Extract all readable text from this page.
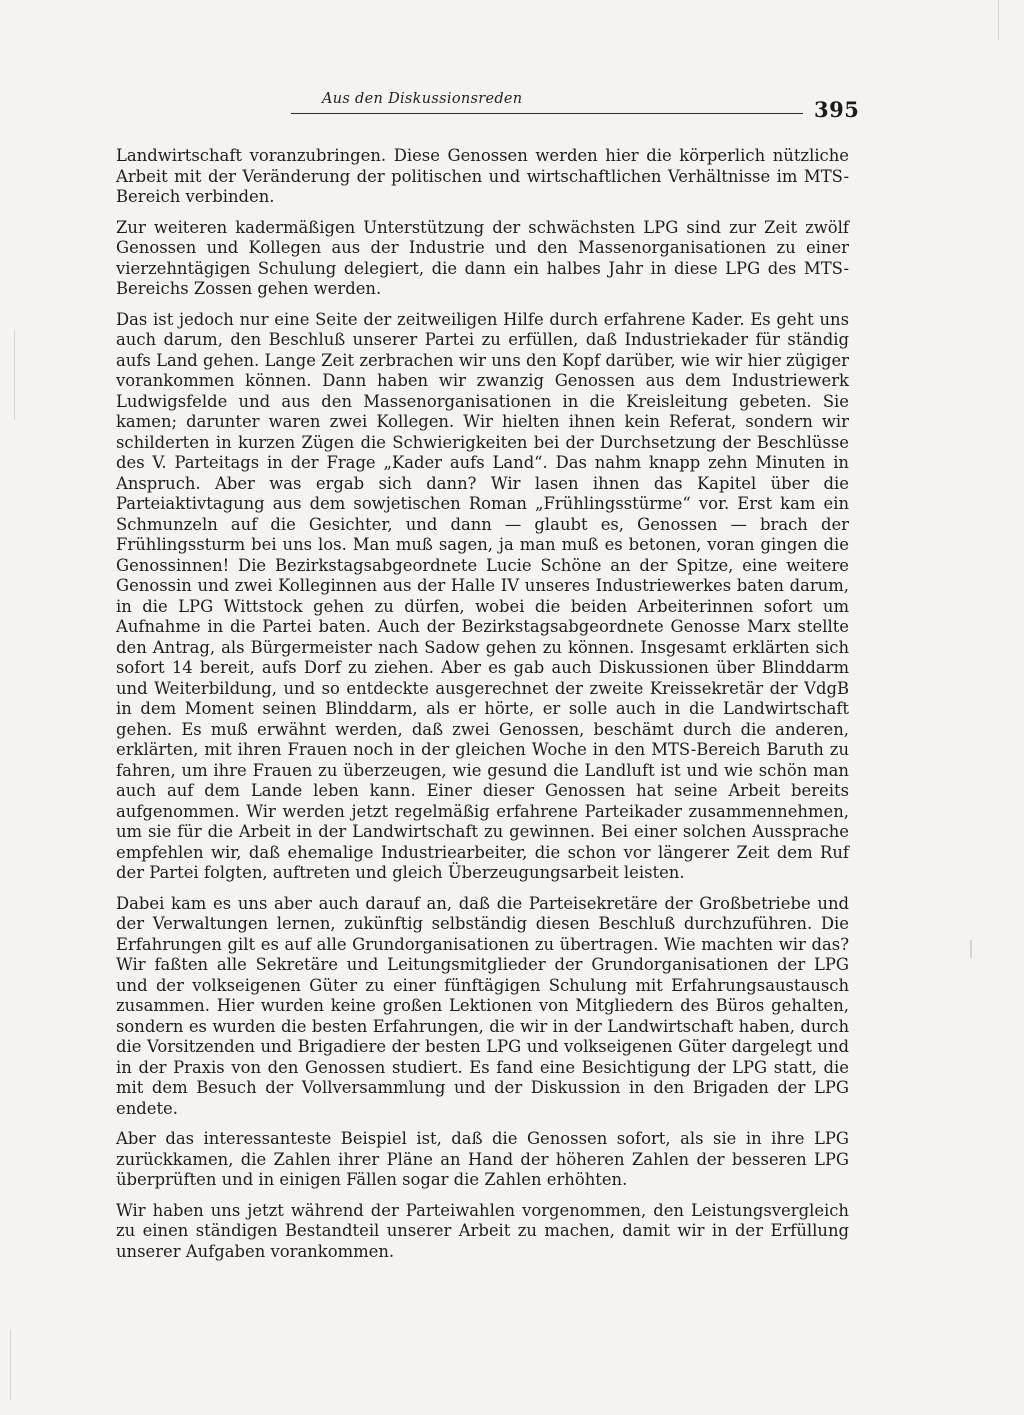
Aus den Diskussionsreden	395

Landwirtschaft voranzubringen. Diese Genossen werden hier die körperlich nützliche Arbeit mit der Veränderung der politischen und wirtschaftlichen Verhältnisse im MTS-Bereich verbinden.

Zur weiteren kadermäßigen Unterstützung der schwächsten LPG sind zur Zeit zwölf Genossen und Kollegen aus der Industrie und den Massenorganisationen zu einer vierzehntägigen Schulung delegiert, die dann ein halbes Jahr in diese LPG des MTS-Bereichs Zossen gehen werden.

Das ist jedoch nur eine Seite der zeitweiligen Hilfe durch erfahrene Kader. Es geht uns auch darum, den Beschluß unserer Partei zu erfüllen, daß Industriekader für ständig aufs Land gehen. Lange Zeit zerbrachen wir uns den Kopf darüber, wie wir hier zügiger vorankommen können. Dann haben wir zwanzig Genossen aus dem Industriewerk Ludwigsfelde und aus den Massenorganisationen in die Kreisleitung gebeten. Sie kamen; darunter waren zwei Kollegen. Wir hielten ihnen kein Referat, sondern wir schilderten in kurzen Zügen die Schwierigkeiten bei der Durchsetzung der Beschlüsse des V. Parteitags in der Frage „Kader aufs Land“. Das nahm knapp zehn Minuten in Anspruch. Aber was ergab sich dann? Wir lasen ihnen das Kapitel über die Parteiaktivtagung aus dem sowjetischen Roman „Frühlingsstürme“ vor. Erst kam ein Schmunzeln auf die Gesichter, und dann — glaubt es, Genossen — brach der Frühlingssturm bei uns los. Man muß sagen, ja man muß es betonen, voran gingen die Genossinnen! Die Bezirkstagsabgeordnete Lucie Schöne an der Spitze, eine weitere Genossin und zwei Kolleginnen aus der Halle IV unseres Industriewerkes baten darum, in die LPG Wittstock gehen zu dürfen, wobei die beiden Arbeiterinnen sofort um Aufnahme in die Partei baten. Auch der Bezirkstagsabgeordnete Genosse Marx stellte den Antrag, als Bürgermeister nach Sadow gehen zu können. Insgesamt erklärten sich sofort 14 bereit, aufs Dorf zu ziehen. Aber es gab auch Diskussionen über Blinddarm und Weiterbildung, und so entdeckte ausgerechnet der zweite Kreissekretär der VdgB in dem Moment seinen Blinddarm, als er hörte, er solle auch in die Landwirtschaft gehen. Es muß erwähnt werden, daß zwei Genossen, beschämt durch die anderen, erklärten, mit ihren Frauen noch in der gleichen Woche in den MTS-Bereich Baruth zu fahren, um ihre Frauen zu überzeugen, wie gesund die Landluft ist und wie schön man auch auf dem Lande leben kann. Einer dieser Genossen hat seine Arbeit bereits aufgenommen. Wir werden jetzt regelmäßig erfahrene Parteikader zusammennehmen, um sie für die Arbeit in der Landwirtschaft zu gewinnen. Bei einer solchen Aussprache empfehlen wir, daß ehemalige Industriearbeiter, die schon vor längerer Zeit dem Ruf der Partei folgten, auftreten und gleich Überzeugungsarbeit leisten.

Dabei kam es uns aber auch darauf an, daß die Parteisekretäre der Großbetriebe und der Verwaltungen lernen, zukünftig selbständig diesen Beschluß durchzuführen. Die Erfahrungen gilt es auf alle Grundorganisationen zu übertragen. Wie machten wir das? Wir faßten alle Sekretäre und Leitungsmitglieder der Grundorganisationen der LPG und der volkseigenen Güter zu einer fünftägigen Schulung mit Erfahrungsaustausch zusammen. Hier wurden keine großen Lektionen von Mitgliedern des Büros gehalten, sondern es wurden die besten Erfahrungen, die wir in der Landwirtschaft haben, durch die Vorsitzenden und Brigadiere der besten LPG und volkseigenen Güter dargelegt und in der Praxis von den Genossen studiert. Es fand eine Besichtigung der LPG statt, die mit dem Besuch der Vollversammlung und der Diskussion in den Brigaden der LPG endete.

Aber das interessanteste Beispiel ist, daß die Genossen sofort, als sie in ihre LPG zurückkamen, die Zahlen ihrer Pläne an Hand der höheren Zahlen der besseren LPG überprüften und in einigen Fällen sogar die Zahlen erhöhten.

Wir haben uns jetzt während der Parteiwahlen vorgenommen, den Leistungsvergleich zu einen ständigen Bestandteil unserer Arbeit zu machen, damit wir in der Erfüllung unserer Aufgaben vorankommen.
